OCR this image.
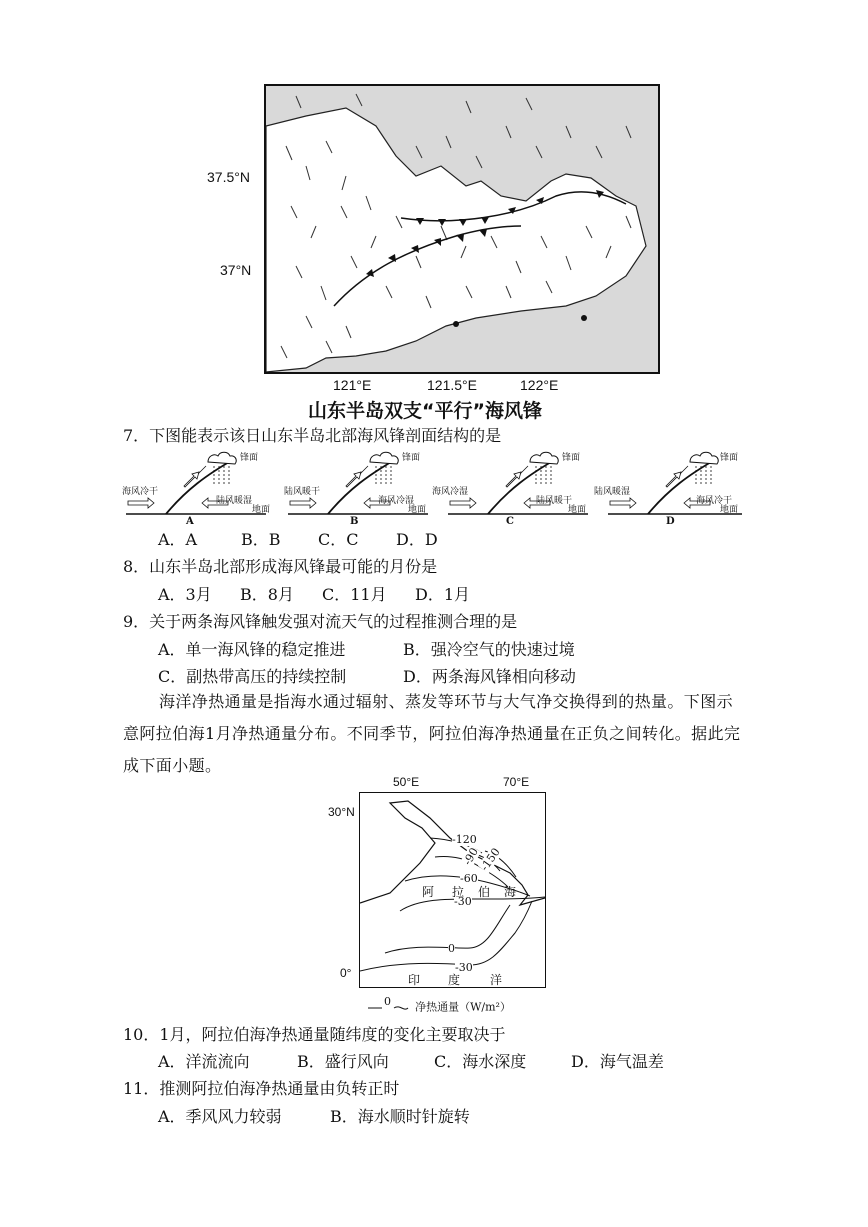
37.5°N
37°N
121°E	121.5°E	122°E
山东半岛双支“平行”海风锋
7．下图能表示该日山东半岛北部海风锋剖面结构的是
海风冷干
陆风暖湿
锋面
A
陆风暖干
海风冷湿
锋面
地面
B
海风冷湿
陆风暖干
锋面
地面
C
陆风暖湿
海风冷干
锋面
地面	地面
D
A．A	B．B C．C D．D
8．山东半岛北部形成海风锋最可能的月份是
A．3月 B．8月 C．11月 D．1月
9．关于两条海风锋触发强对流天气的过程推测合理的是
A．单一海风锋的稳定推进	B．强冷空气的快速过境
C．副热带高压的持续控制	D．两条海风锋相向移动
海洋净热通量是指海水通过辐射、蒸发等环节与大气净交换得到的热量。下图示意阿拉伯海1月净热通量分布。不同季节，阿拉伯海净热通量在正负之间转化。据此完成下面小题。
50°E	70°E
30°N
0°
-120
-150
-90
-60
-30
0
-30
阿 拉 伯 海
印 度 洋

0 净热通量（W/m²）
10．1月，阿拉伯海净热通量随纬度的变化主要取决于
A．洋流流向	B．盛行风向	C．海水深度	D．海气温差
11．推测阿拉伯海净热通量由负转正时
A．季风风力较弱	B．海水顺时针旋转
